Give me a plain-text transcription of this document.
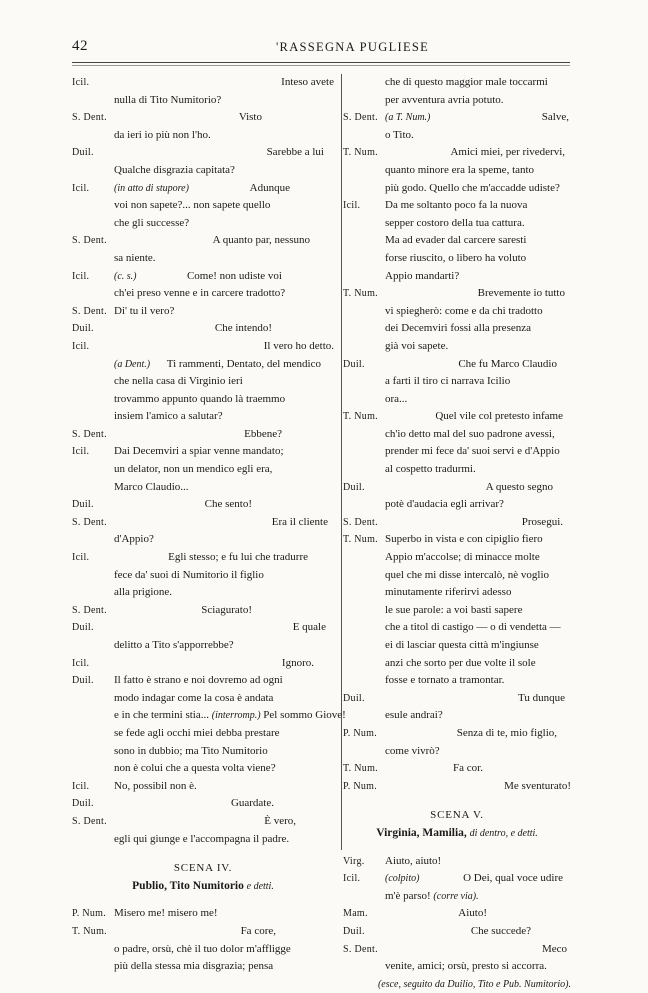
42	'RASSEGNA PUGLIESE
Icil.	Inteso avete
nulla di Tito Numitorio?
S. Dent.	Visto
da ieri io più non l'ho.
Duil.	Sarebbe a lui
Qualche disgrazia capitata?
Icil. (in atto di stupore)	Adunque
voi non sapete?... non sapete quello
che gli successe?
S. Dent.	A quanto par, nessuno
sa niente.
Icil. (c. s.)	Come! non udiste voi
ch'ei preso venne e in carcere tradotto?
S. Dent. Di' tu il vero?
Duil.	Che intendo!
Icil.	Il vero ho detto.
(a Dent.) Ti rammenti, Dentato, del mendico
che nella casa di Virginio ieri
trovammo appunto quando là traemmo
insiem l'amico a salutar?
S. Dent.	Ebbene?
Icil. Dai Decemviri a spiar venne mandato;
un delator, non un mendico egli era,
Marco Claudio...
Duil.	Che sento!
S. Dent.	Era il cliente
d'Appio?
Icil.	Egli stesso; e fu lui che tradurre
fece da' suoi di Numitorio il figlio
alla prigione.
S. Dent.	Sciagurato!
Duil.	E quale
delitto a Tito s'apporrebbe?
Icil.	Ignoro.
Duil. Il fatto è strano e noi dovremo ad ogni
modo indagar come la cosa è andata
e in che termini stia... (interromp.) Pel sommo Giove!
se fede agli occhi miei debba prestare
sono in dubbio; ma Tito Numitorio
non è colui che a questa volta viene?
Icil. No, possibil non è.
Duil.	Guardate.
S. Dent.	È vero,
egli qui giunge e l'accompagna il padre.
SCENA IV.
Publio, Tito Numitorio e detti.
P. Num. Misero me! misero me!
T. Num.	Fa core,
o padre, orsù, chè il tuo dolor m'affligge
più della stessa mia disgrazia; pensa
che di questo maggior male toccarmi
per avventura avria potuto.
S. Dent. (a T. Num.)	Salve,
o Tito.
T. Num.	Amici miei, per rivedervi,
quanto minore era la speme, tanto
più godo. Quello che m'accadde udiste?
Icil. Da me soltanto poco fa la nuova
sepper costoro della tua cattura.
Ma ad evader dal carcere saresti
forse riuscito, o libero ha voluto
Appio mandarti?
T. Num.	Brevemente io tutto
vi spiegherò: come e da chi tradotto
dei Decemviri fossi alla presenza
già voi sapete.
Duil.	Che fu Marco Claudio
a farti il tiro ci narrava Icilio
ora...
T. Num.	Quel vile col pretesto infame
ch'io detto mal del suo padrone avessi,
prender mi fece da' suoi servi e d'Appio
al cospetto tradurmi.
Duil.	A questo segno
potè d'audacia egli arrivar?
S. Dent.	Prosegui.
T. Num. Superbo in vista e con cipiglio fiero
Appio m'accolse; di minacce molte
quel che mi disse intercalò, nè voglio
minutamente riferirvi adesso
le sue parole: a voi basti sapere
che a titol di castigo — o di vendetta —
ei di lasciar questa città m'ingiunse
anzi che sorto per due volte il sole
fosse e tornato a tramontar.
Duil.	Tu dunque
esule andrai?
P. Num.	Senza di te, mio figlio,
come vivrò?
T. Num.	Fa cor.
P. Num.	Me sventurato!
SCENA V.
Virginia, Mamilia, di dentro, e detti.
Virg. Aiuto, aiuto!
Icil. (colpito)	O Dei, qual voce udire
m'è parso! (corre via).
Mam.	Aiuto!
Duil.	Che succede?
S. Dent.	Meco
venite, amici; orsù, presto si accorra.
(esce, seguito da Duilio, Tito e Pub. Numitorio).
